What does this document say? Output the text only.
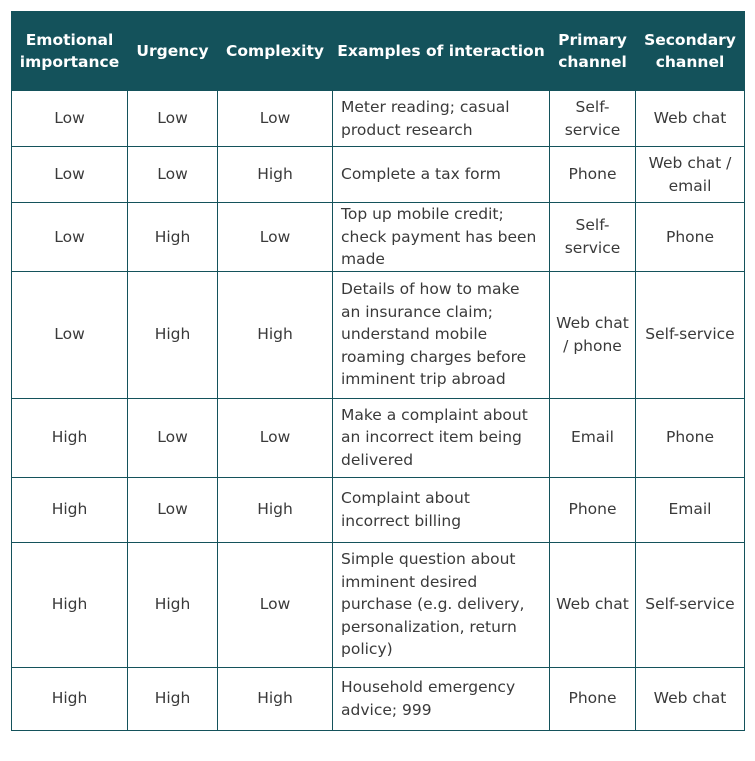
Emotional importance	Urgency	Complexity	Examples of interaction	Primary channel	Secondary channel
Low	Low	Low	Meter reading; casual product research	Self-service	Web chat
Low	Low	High	Complete a tax form	Phone	Web chat / email
Low	High	Low	Top up mobile credit; check payment has been made	Self-service	Phone
Low	High	High	Details of how to make an insurance claim; understand mobile roaming charges before imminent trip abroad	Web chat / phone	Self-service
High	Low	Low	Make a complaint about an incorrect item being delivered	Email	Phone
High	Low	High	Complaint about incorrect billing	Phone	Email
High	High	Low	Simple question about imminent desired purchase (e.g. delivery, personalization, return policy)	Web chat	Self-service
High	High	High	Household emergency advice; 999	Phone	Web chat
